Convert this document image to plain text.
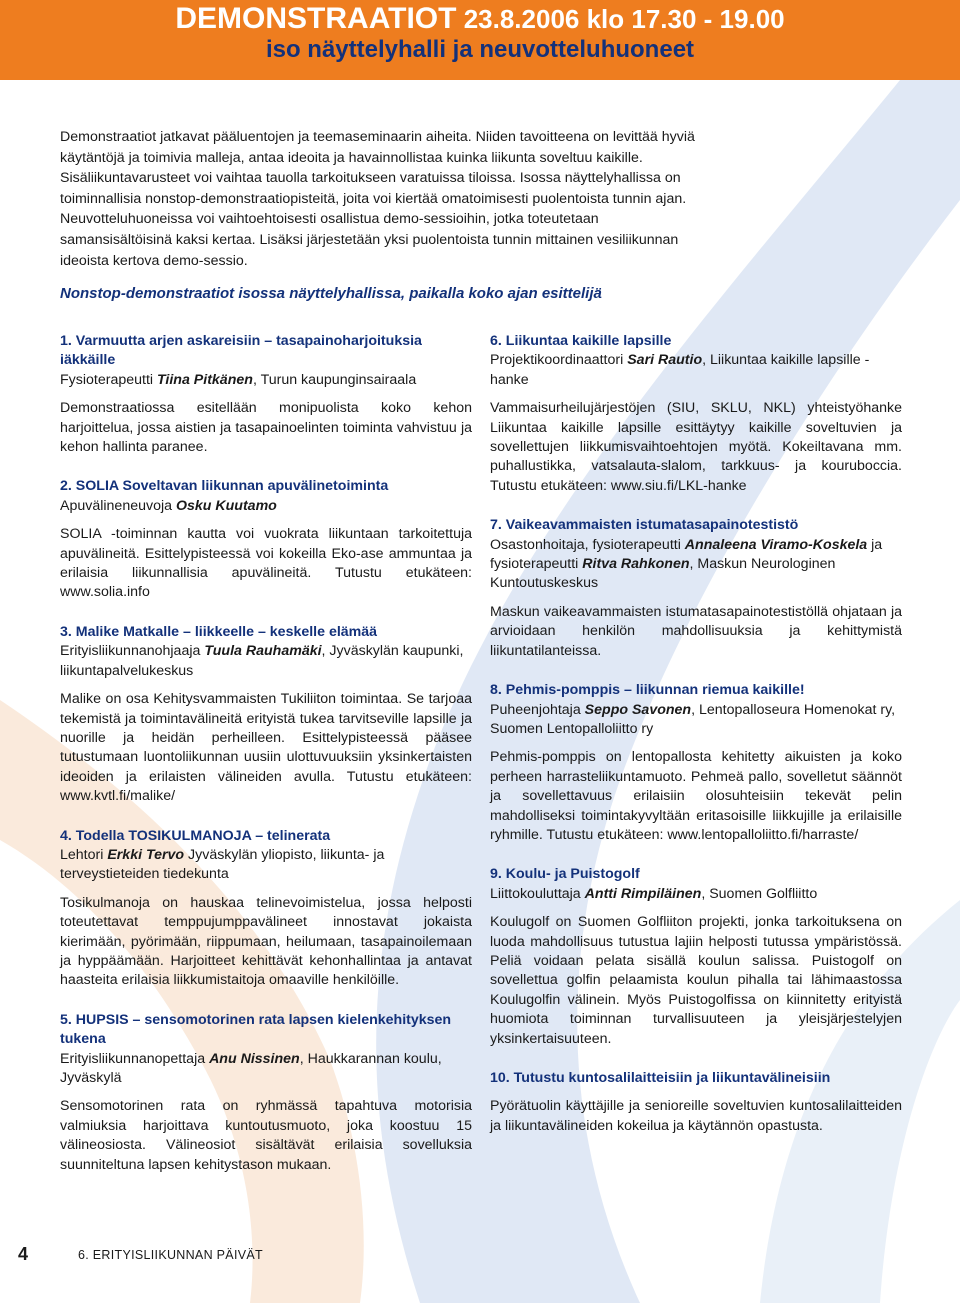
DEMONSTRAATIOT 23.8.2006 klo 17.30 - 19.00
iso näyttelyhalli ja neuvotteluhuoneet
Demonstraatiot jatkavat pääluentojen ja teemaseminaarin aiheita. Niiden tavoitteena on levittää hyviä käytäntöjä ja toimivia malleja, antaa ideoita ja havainnollistaa kuinka liikunta soveltuu kaikille. Sisäliikuntavarusteet voi vaihtaa tauolla tarkoitukseen varatuissa tiloissa. Isossa näyttelyhallissa on toiminnallisia nonstop-demonstraatiopisteitä, joita voi kiertää omatoimisesti puolentoista tunnin ajan. Neuvotteluhuoneissa voi vaihtoehtoisesti osallistua demo-sessioihin, jotka toteutetaan samansisältöisinä kaksi kertaa. Lisäksi järjestetään yksi puolentoista tunnin mittainen vesiliikunnan ideoista kertova demo-sessio.
Nonstop-demonstraatiot isossa näyttelyhallissa, paikalla koko ajan esittelijä
1. Varmuutta arjen askareisiin – tasapainoharjoituksia iäkkäille
Fysioterapeutti Tiina Pitkänen, Turun kaupunginsairaala
Demonstraatiossa esitellään monipuolista koko kehon harjoittelua, jossa aistien ja tasapainoelinten toiminta vahvistuu ja kehon hallinta paranee.
2. SOLIA Soveltavan liikunnan apuvälinetoiminta
Apuvälineneuvoja Osku Kuutamo
SOLIA -toiminnan kautta voi vuokrata liikuntaan tarkoitettuja apuvälineitä. Esittelypisteessä voi kokeilla Eko-ase ammuntaa ja erilaisia liikunnallisia apuvälineitä. Tutustu etukäteen: www.solia.info
3. Malike Matkalle – liikkeelle – keskelle elämää
Erityisliikunnanohjaaja Tuula Rauhamäki, Jyväskylän kaupunki, liikuntapalvelukeskus
Malike on osa Kehitysvammaisten Tukiliiton toimintaa. Se tarjoaa tekemistä ja toimintavälineitä erityistä tukea tarvitseville lapsille ja nuorille ja heidän perheilleen. Esittelypisteessä pääsee tutustumaan luontoliikunnan uusiin ulottuvuuksiin yksinkertaisten ideoiden ja erilaisten välineiden avulla. Tutustu etukäteen: www.kvtl.fi/malike/
4. Todella TOSIKULMANOJA – telinerata
Lehtori Erkki Tervo Jyväskylän yliopisto, liikunta- ja terveystieteiden tiedekunta
Tosikulmanoja on hauskaa telinevoimistelua, jossa helposti toteutettavat temppujumppavälineet innostavat jokaista kierimään, pyörimään, riippumaan, heilumaan, tasapainoilemaan ja hyppäämään. Harjoitteet kehittävät kehonhallintaa ja antavat haasteita erilaisia liikkumistaitoja omaaville henkilöille.
5. HUPSIS – sensomotorinen rata lapsen kielenkehityksen tukena
Erityisliikunnanopettaja Anu Nissinen, Haukkarannan koulu, Jyväskylä
Sensomotorinen rata on ryhmässä tapahtuva motorisia valmiuksia harjoittava kuntoutusmuoto, joka koostuu 15 välineosiosta. Välineosiot sisältävät erilaisia sovelluksia suunniteltuna lapsen kehitystason mukaan.
6. Liikuntaa kaikille lapsille
Projektikoordinaattori Sari Rautio, Liikuntaa kaikille lapsille -hanke
Vammaisurheilujärjestöjen (SIU, SKLU, NKL) yhteistyöhanke Liikuntaa kaikille lapsille esittäytyy kaikille soveltuvien ja sovellettujen liikkumisvaihtoehtojen myötä. Kokeiltavana mm. puhallustikka, vatsalauta-slalom, tarkkuus- ja kouruboccia. Tutustu etukäteen: www.siu.fi/LKL-hanke
7. Vaikeavammaisten istumatasapainotestistö
Osastonhoitaja, fysioterapeutti Annaleena Viramo-Koskela ja fysioterapeutti Ritva Rahkonen, Maskun Neurologinen Kuntoutuskeskus
Maskun vaikeavammaisten istumatasapainotestistöllä ohjataan ja arvioidaan henkilön mahdollisuuksia ja kehittymistä liikuntatilanteissa.
8. Pehmis-pomppis – liikunnan riemua kaikille!
Puheenjohtaja Seppo Savonen, Lentopalloseura Homenokat ry, Suomen Lentopalloliitto ry
Pehmis-pomppis on lentopallosta kehitetty aikuisten ja koko perheen harrasteliikuntamuoto. Pehmeä pallo, sovelletut säännöt ja sovellettavuus erilaisiin olosuhteisiin tekevät pelin mahdolliseksi toimintakyvyltään eritasoisille liikkujille ja erilaisille ryhmille. Tutustu etukäteen: www.lentopalloliitto.fi/harraste/
9. Koulu- ja Puistogolf
Liittokouluttaja Antti Rimpiläinen, Suomen Golfliitto
Koulugolf on Suomen Golfliiton projekti, jonka tarkoituksena on luoda mahdollisuus tutustua lajiin helposti tutussa ympäristössä. Peliä voidaan pelata sisällä koulun salissa. Puistogolf on sovellettua golfin pelaamista koulun pihalla tai lähimaastossa Koulugolfin välinein. Myös Puistogolfissa on kiinnitetty erityistä huomiota toiminnan turvallisuuteen ja yleisjärjestelyjen yksinkertaisuuteen.
10. Tutustu kuntosalilaitteisiin ja liikuntavälineisiin
Pyörätuolin käyttäjille ja senioreille soveltuvien kuntosalilaitteiden ja liikuntavälineiden kokeilua ja käytännön opastusta.
4	6. ERITYISLIIKUNNAN PÄIVÄT
